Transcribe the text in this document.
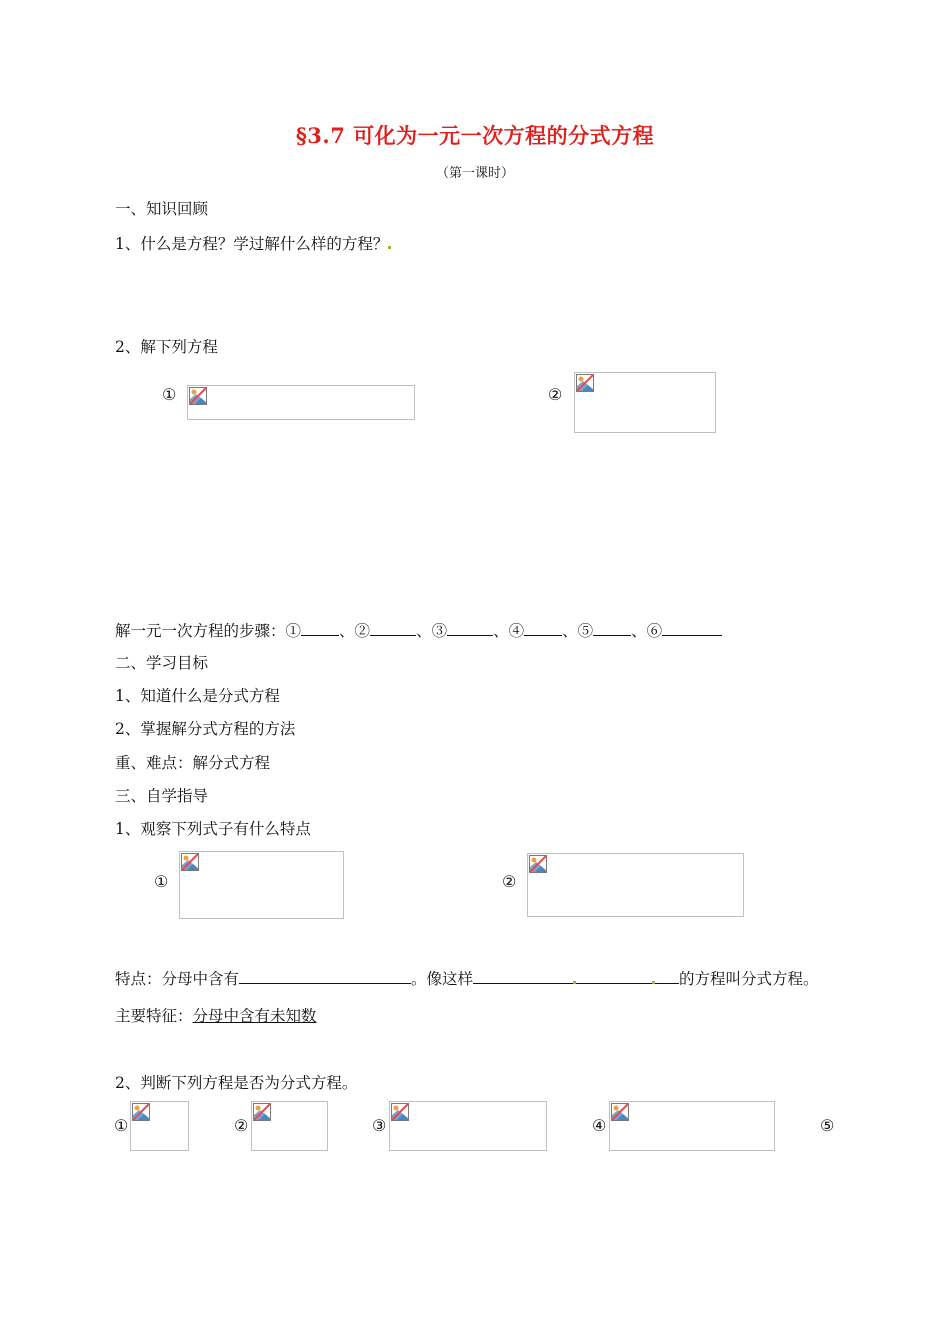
§3.7 可化为一元一次方程的分式方程
（第一课时）
一、知识回顾
1、什么是方程？学过解什么样的方程？
2、解下列方程
①	②
解一元一次方程的步骤：① 、②	、③	、④ 、⑤ 、⑥
二、学习目标
1、知道什么是分式方程
2、掌握解分式方程的方法
重、难点：解分式方程
三、自学指导
1、观察下列式子有什么特点
①	②
特点：分母中含有	。像这样	的方程叫分式方程。
主要特征：分母中含有未知数
2、判断下列方程是否为分式方程。
①	②	③	④	⑤
